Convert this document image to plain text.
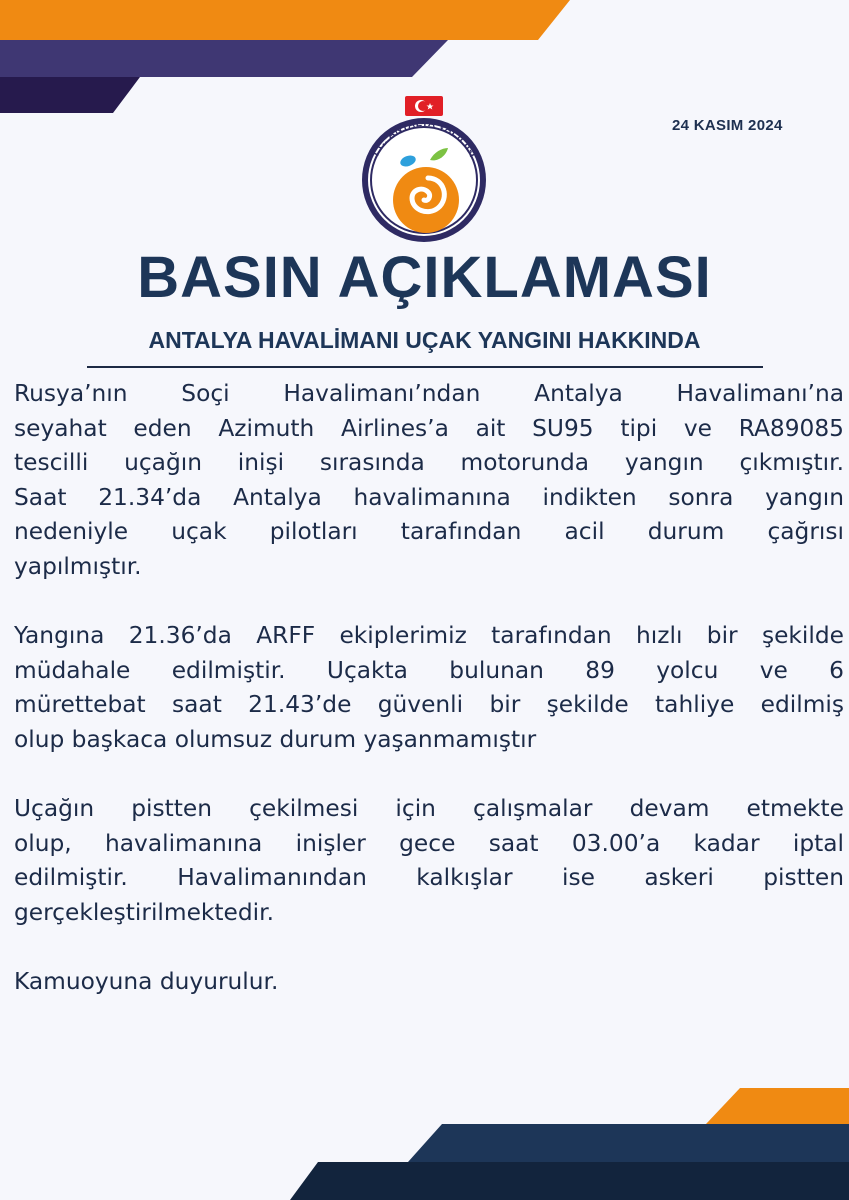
T.C. ANTALYA VALİLİĞİ
24 KASIM 2024
BASIN AÇIKLAMASI
ANTALYA HAVALİMANI UÇAK YANGINI HAKKINDA
Rusya’nın Soçi Havalimanı’ndan Antalya Havalimanı’na
seyahat eden Azimuth Airlines’a ait SU95 tipi ve RA89085
tescilli uçağın inişi sırasında motorunda yangın çıkmıştır.
Saat 21.34’da Antalya havalimanına indikten sonra yangın
nedeniyle uçak pilotları tarafından acil durum çağrısı
yapılmıştır.
Yangına 21.36’da ARFF ekiplerimiz tarafından hızlı bir şekilde
müdahale edilmiştir. Uçakta bulunan 89 yolcu ve 6
mürettebat saat 21.43’de güvenli bir şekilde tahliye edilmiş
olup başkaca olumsuz durum yaşanmamıştır
Uçağın pistten çekilmesi için çalışmalar devam etmekte
olup, havalimanına inişler gece saat 03.00’a kadar iptal
edilmiştir. Havalimanından kalkışlar ise askeri pistten
gerçekleştirilmektedir.
Kamuoyuna duyurulur.
